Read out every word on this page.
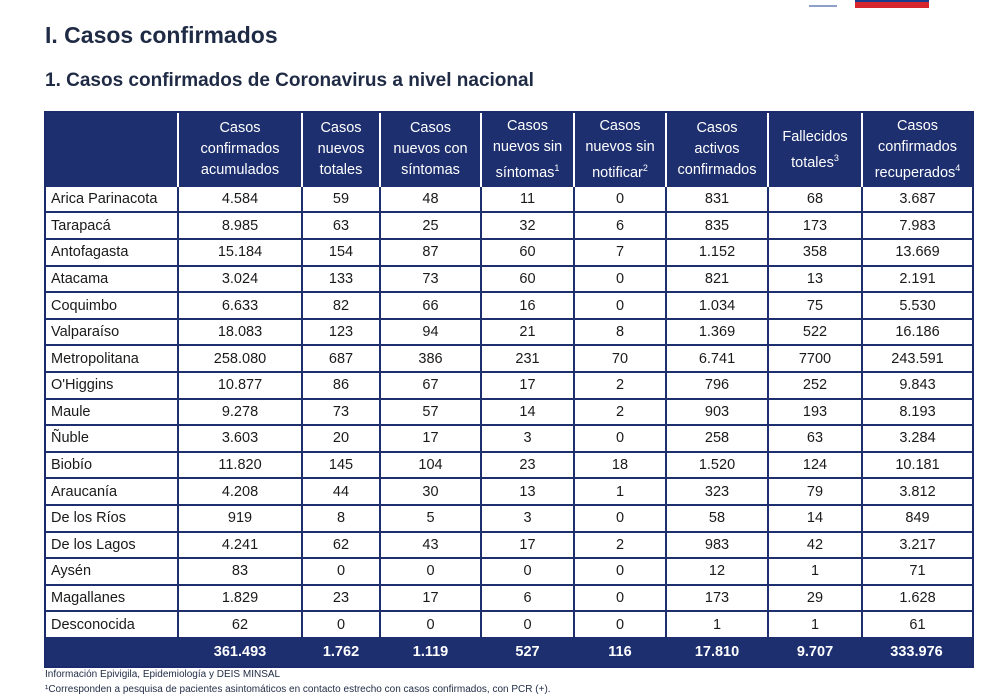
I. Casos confirmados
1. Casos confirmados de Coronavirus a nivel nacional
	Casos
confirmados
acumulados	Casos
nuevos
totales	Casos
nuevos con
síntomas	Casos
nuevos sin
síntomas$^1$	Casos
nuevos sin
notificar$^2$	Casos
activos
confirmados	Fallecidos
totales$^3$	Casos
confirmados
recuperados$^4$
Arica Parinacota	4.584	59	48	11	0	831	68	3.687
Tarapacá	8.985	63	25	32	6	835	173	7.983
Antofagasta	15.184	154	87	60	7	1.152	358	13.669
Atacama	3.024	133	73	60	0	821	13	2.191
Coquimbo	6.633	82	66	16	0	1.034	75	5.530
Valparaíso	18.083	123	94	21	8	1.369	522	16.186
Metropolitana	258.080	687	386	231	70	6.741	7700	243.591
O'Higgins	10.877	86	67	17	2	796	252	9.843
Maule	9.278	73	57	14	2	903	193	8.193
Ñuble	3.603	20	17	3	0	258	63	3.284
Biobío	11.820	145	104	23	18	1.520	124	10.181
Araucanía	4.208	44	30	13	1	323	79	3.812
De los Ríos	919	8	5	3	0	58	14	849
De los Lagos	4.241	62	43	17	2	983	42	3.217
Aysén	83	0	0	0	0	12	1	71
Magallanes	1.829	23	17	6	0	173	29	1.628
Desconocida	62	0	0	0	0	1	1	61
	361.493	1.762	1.119	527	116	17.810	9.707	333.976
Información Epivigila, Epidemiología y DEIS MINSAL
¹Corresponden a pesquisa de pacientes asintomáticos en contacto estrecho con casos confirmados, con PCR (+).
